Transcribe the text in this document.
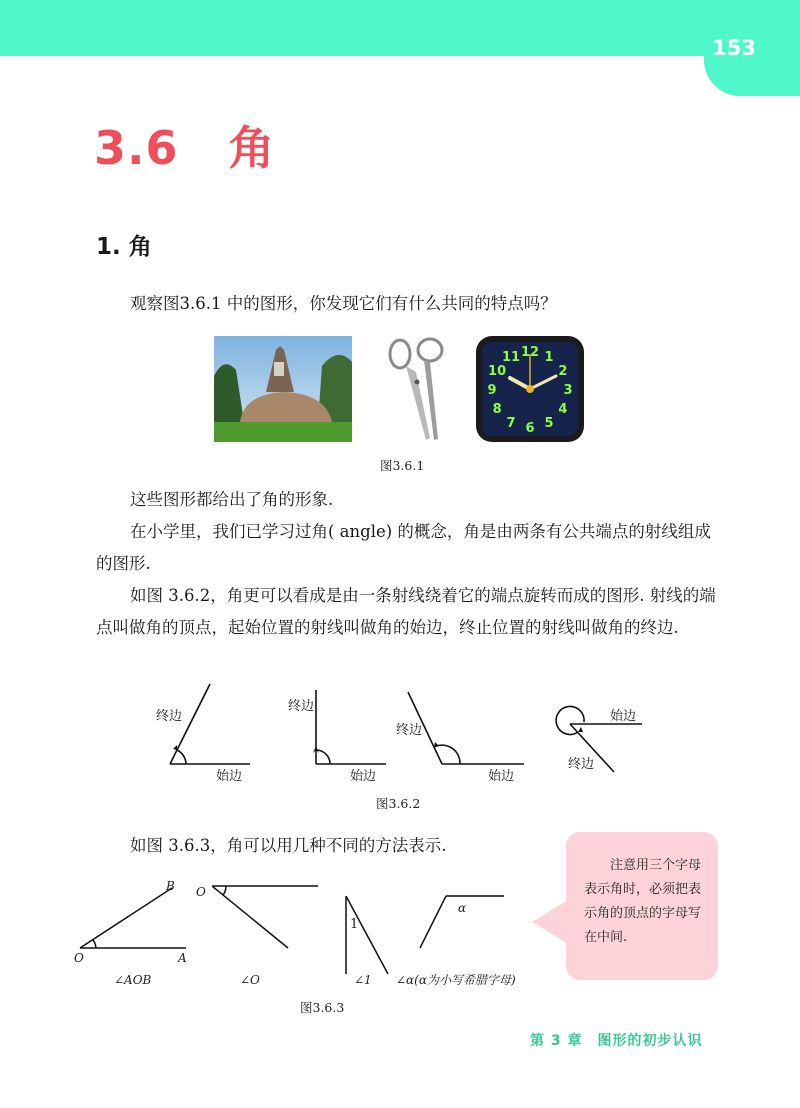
153
3.6 角
1. 角
观察图3.6.1 中的图形，你发现它们有什么共同的特点吗？
12 1
2
3
4
5
6
7
8
9
10
11
图3.6.1
这些图形都给出了角的形象.
在小学里，我们已学习过角( angle) 的概念，角是由两条有公共端点的射线组成的图形.
如图 3.6.2，角更可以看成是由一条射线绕着它的端点旋转而成的图形. 射线的端点叫做角的顶点，起始位置的射线叫做角的始边，终止位置的射线叫做角的终边.
终边
始边
终边
始边
终边
始边
始边
终边
图3.6.2
如图 3.6.3，角可以用几种不同的方法表示.
B
O	A
O
1
α
∠AOB	∠O	∠1 ∠α(α为小写希腊字母)
图3.6.3
注意用三个字母表示角时，必须把表示角的顶点的字母写在中间.
第 3 章　图形的初步认识
